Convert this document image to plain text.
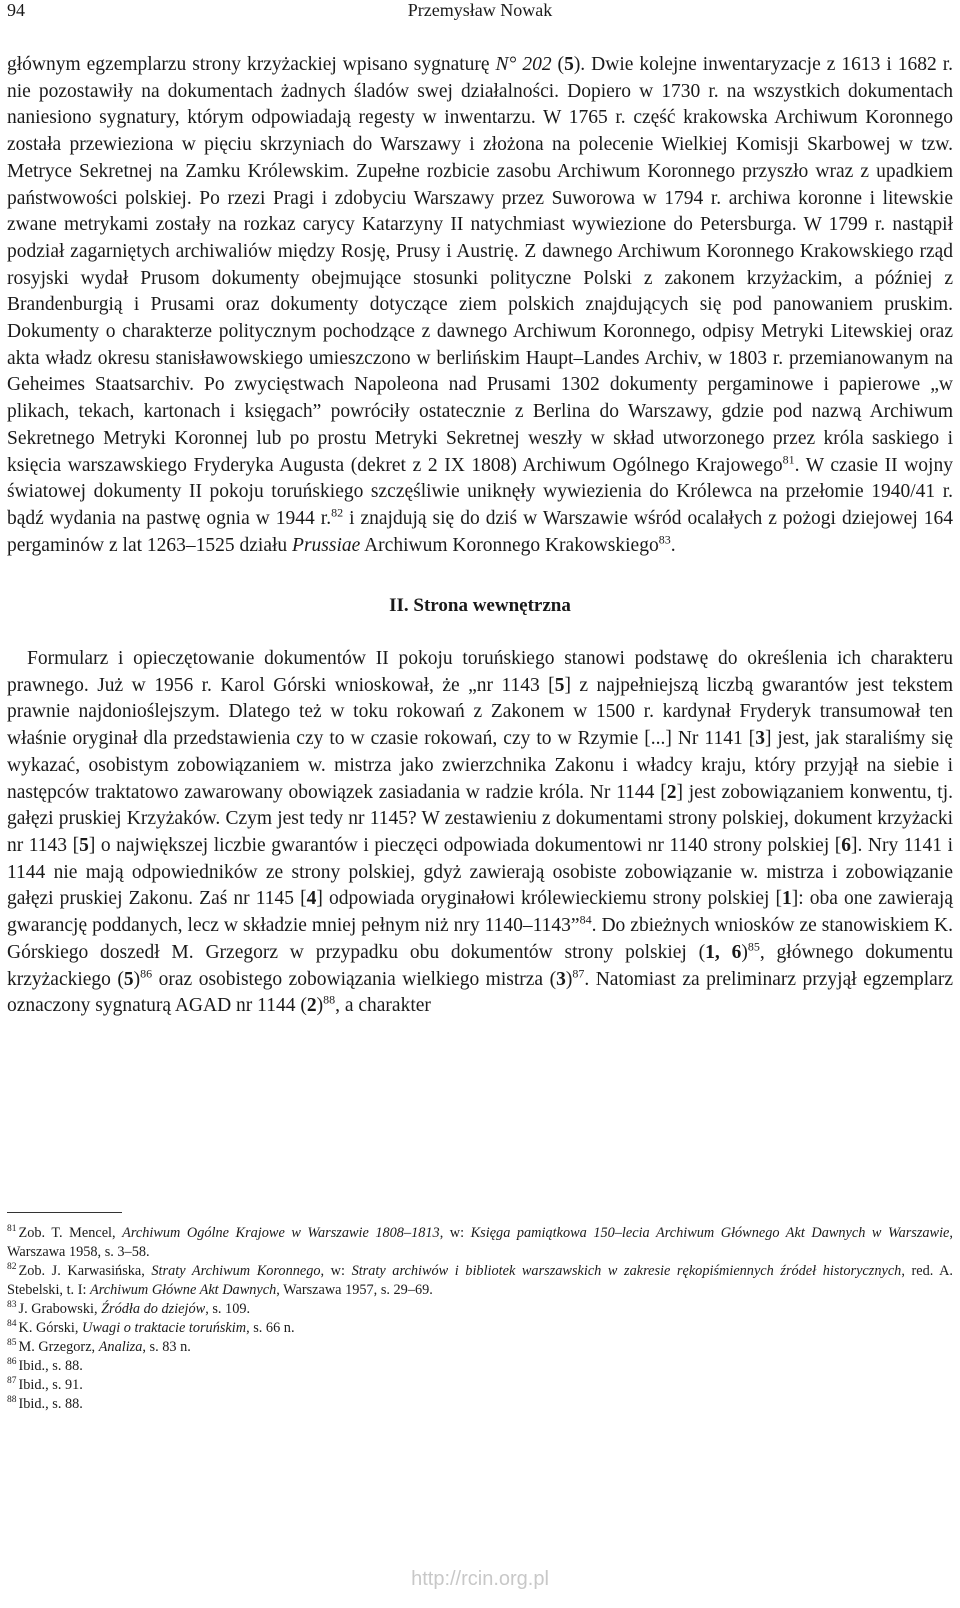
94	Przemysław Nowak

głównym egzemplarzu strony krzyżackiej wpisano sygnaturę N° 202 (5). Dwie kolejne inwentaryzacje z 1613 i 1682 r. nie pozostawiły na dokumentach żadnych śladów swej działalności. Dopiero w 1730 r. na wszystkich dokumentach naniesiono sygnatury, którym odpowiadają regesty w inwentarzu. W 1765 r. część krakowska Archiwum Koronnego została przewieziona w pięciu skrzyniach do Warszawy i złożona na polecenie Wielkiej Komisji Skarbowej w tzw. Metryce Sekretnej na Zamku Królewskim. Zupełne rozbicie zasobu Archiwum Koronnego przyszło wraz z upadkiem państwowości polskiej. Po rzezi Pragi i zdobyciu Warszawy przez Suworowa w 1794 r. archiwa koronne i litewskie zwane metrykami zostały na rozkaz carycy Katarzyny II natychmiast wywiezione do Petersburga. W 1799 r. nastąpił podział zagarniętych archiwaliów między Rosję, Prusy i Austrię. Z dawnego Archiwum Koronnego Krakowskiego rząd rosyjski wydał Prusom dokumenty obejmujące stosunki polityczne Polski z zakonem krzyżackim, a później z Brandenburgią i Prusami oraz dokumenty dotyczące ziem polskich znajdujących się pod panowaniem pruskim. Dokumenty o charakterze politycznym pochodzące z dawnego Archiwum Koronnego, odpisy Metryki Litewskiej oraz akta władz okresu stanisławowskiego umieszczono w berlińskim Haupt–Landes Archiv, w 1803 r. przemianowanym na Geheimes Staatsarchiv. Po zwycięstwach Napoleona nad Prusami 1302 dokumenty pergaminowe i papierowe „w plikach, tekach, kartonach i księgach” powróciły ostatecznie z Berlina do Warszawy, gdzie pod nazwą Archiwum Sekretnego Metryki Koronnej lub po prostu Metryki Sekretnej weszły w skład utworzonego przez króla saskiego i księcia warszawskiego Fryderyka Augusta (dekret z 2 IX 1808) Archiwum Ogólnego Krajowego$^{81}$. W czasie II wojny światowej dokumenty II pokoju toruńskiego szczęśliwie uniknęły wywiezienia do Królewca na przełomie 1940/41 r. bądź wydania na pastwę ognia w 1944 r.$^{82}$ i znajdują się do dziś w Warszawie wśród ocalałych z pożogi dziejowej 164 pergaminów z lat 1263–1525 działu Prussiae Archiwum Koronnego Krakowskiego$^{83}$.

II. Strona wewnętrzna

Formularz i opieczętowanie dokumentów II pokoju toruńskiego stanowi podstawę do określenia ich charakteru prawnego. Już w 1956 r. Karol Górski wnioskował, że „nr 1143 [5] z najpełniejszą liczbą gwarantów jest tekstem prawnie najdonioślejszym. Dlatego też w toku rokowań z Zakonem w 1500 r. kardynał Fryderyk transumował ten właśnie oryginał dla przedstawienia czy to w czasie rokowań, czy to w Rzymie [...] Nr 1141 [3] jest, jak staraliśmy się wykazać, osobistym zobowiązaniem w. mistrza jako zwierzchnika Zakonu i władcy kraju, który przyjął na siebie i następców traktatowo zawarowany obowiązek zasiadania w radzie króla. Nr 1144 [2] jest zobowiązaniem konwentu, tj. gałęzi pruskiej Krzyżaków. Czym jest tedy nr 1145? W zestawieniu z dokumentami strony polskiej, dokument krzyżacki nr 1143 [5] o największej liczbie gwarantów i pieczęci odpowiada dokumentowi nr 1140 strony polskiej [6]. Nry 1141 i 1144 nie mają odpowiedników ze strony polskiej, gdyż zawierają osobiste zobowiązanie w. mistrza i zobowiązanie gałęzi pruskiej Zakonu. Zaś nr 1145 [4] odpowiada oryginałowi królewieckiemu strony polskiej [1]: oba one zawierają gwarancję poddanych, lecz w składzie mniej pełnym niż nry 1140–1143”$^{84}$. Do zbieżnych wniosków ze stanowiskiem K. Górskiego doszedł M. Grzegorz w przypadku obu dokumentów strony polskiej (1, 6)$^{85}$, głównego dokumentu krzyżackiego $(5)^{86}$ oraz osobistego zobowiązania wielkiego mistrza $(3)^{87}$. Natomiast za preliminarz przyjął egzemplarz oznaczony sygnaturą AGAD nr 1144 $(2)^{88}$, a charakter

$^{81}$ Zob. T. Mencel, Archiwum Ogólne Krajowe w Warszawie 1808–1813, w: Księga pamiątkowa 150–lecia Archiwum Głównego Akt Dawnych w Warszawie, Warszawa 1958, s. 3–58.

$^{82}$ Zob. J. Karwasińska, Straty Archiwum Koronnego, w: Straty archiwów i bibliotek warszawskich w zakresie rękopiśmiennych źródeł historycznych, red. A. Stebelski, t. I: Archiwum Główne Akt Dawnych, Warszawa 1957, s. 29–69.

$^{83}$ J. Grabowski, Źródła do dziejów, s. 109.

$^{84}$ K. Górski, Uwagi o traktacie toruńskim, s. 66 n.

$^{85}$ M. Grzegorz, Analiza, s. 83 n.

$^{86}$ Ibid., s. 88.

$^{87}$ Ibid., s. 91.

$^{88}$ Ibid., s. 88.

http://rcin.org.pl
